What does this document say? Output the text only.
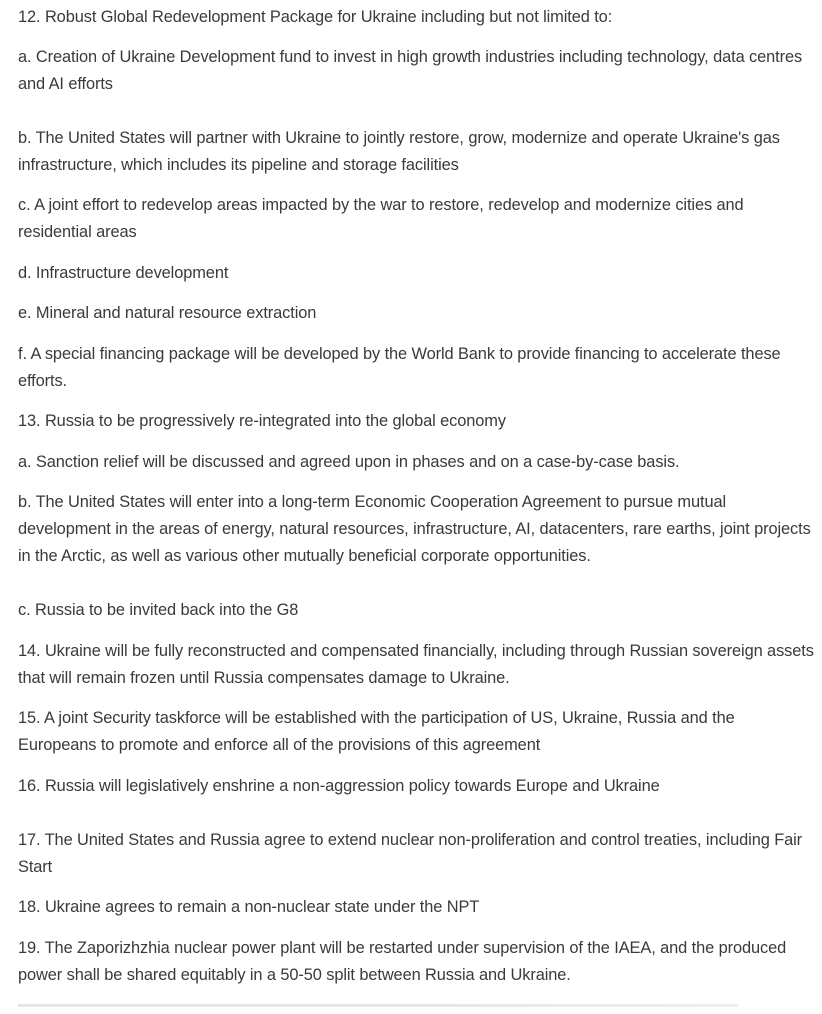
12. Robust Global Redevelopment Package for Ukraine including but not limited to:

a. Creation of Ukraine Development fund to invest in high growth industries including technology, data centres and AI efforts

b. The United States will partner with Ukraine to jointly restore, grow, modernize and operate Ukraine's gas infrastructure, which includes its pipeline and storage facilities

c. A joint effort to redevelop areas impacted by the war to restore, redevelop and modernize cities and residential areas

d. Infrastructure development

e. Mineral and natural resource extraction

f. A special financing package will be developed by the World Bank to provide financing to accelerate these efforts.

13. Russia to be progressively re-integrated into the global economy

a. Sanction relief will be discussed and agreed upon in phases and on a case-by-case basis.

b. The United States will enter into a long-term Economic Cooperation Agreement to pursue mutual development in the areas of energy, natural resources, infrastructure, AI, datacenters, rare earths, joint projects in the Arctic, as well as various other mutually beneficial corporate opportunities.

c. Russia to be invited back into the G8

14. Ukraine will be fully reconstructed and compensated financially, including through Russian sovereign assets that will remain frozen until Russia compensates damage to Ukraine.

15. A joint Security taskforce will be established with the participation of US, Ukraine, Russia and the Europeans to promote and enforce all of the provisions of this agreement

16. Russia will legislatively enshrine a non-aggression policy towards Europe and Ukraine

17. The United States and Russia agree to extend nuclear non-proliferation and control treaties, including Fair Start

18. Ukraine agrees to remain a non-nuclear state under the NPT

19. The Zaporizhzhia nuclear power plant will be restarted under supervision of the IAEA, and the produced power shall be shared equitably in a 50-50 split between Russia and Ukraine.
